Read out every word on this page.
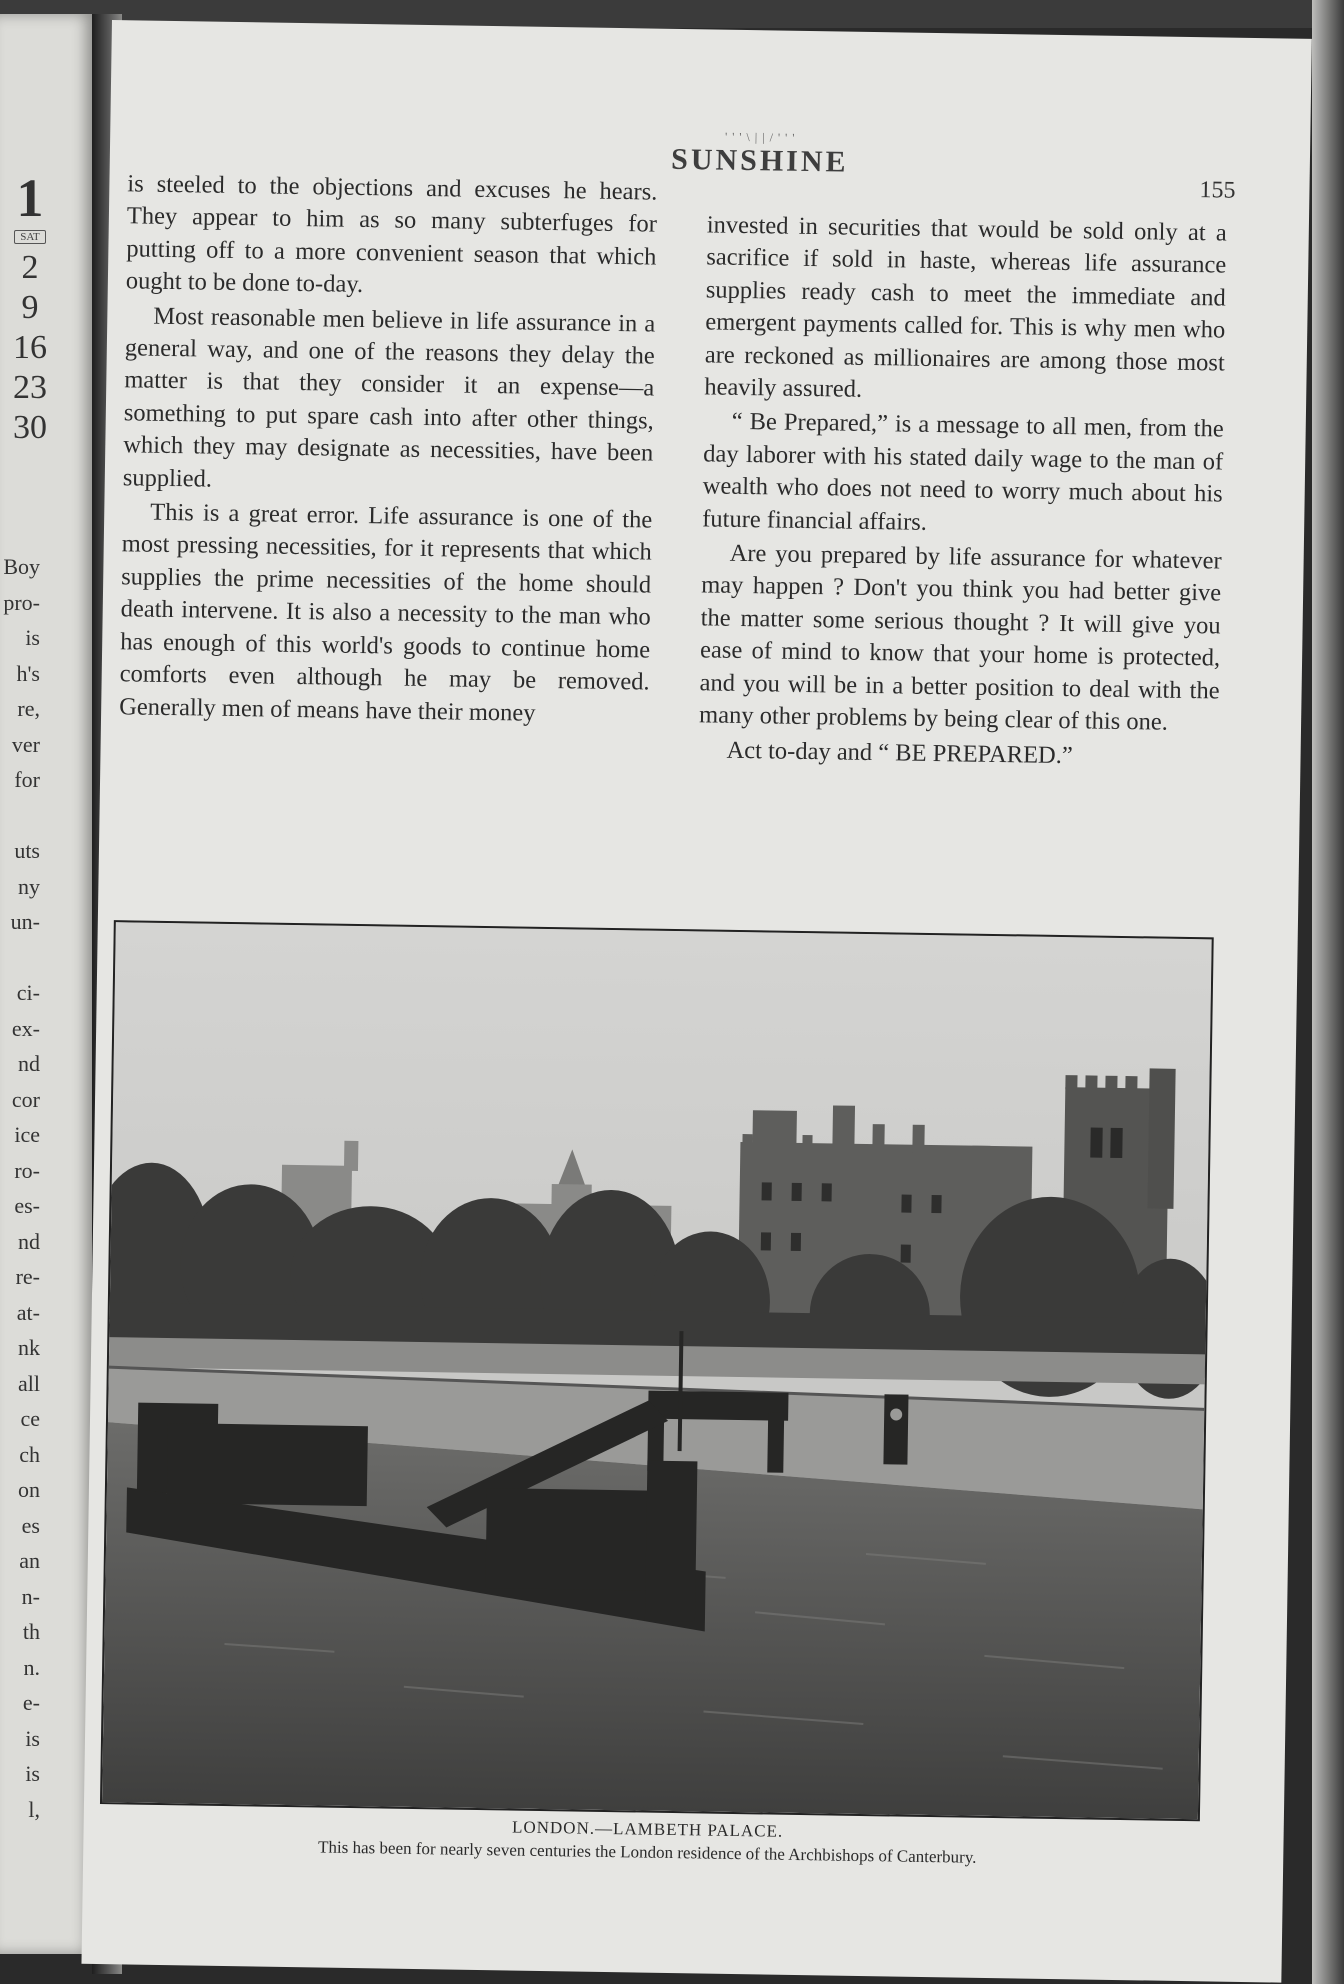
1
SAT
2
9
16
23
30
Boy
pro-
is
h's
re,
ver
for
uts
ny
un-
ci-
ex-
nd
cor
ice
ro-
es-
nd
re-
at-
nk
all
ce
ch
on
es
an
n-
th
n.
e-
is
is
l,
' ' ' \ | | / ' ' '
SUNSHINE
155

is steeled to the objections and excuses he hears. They appear to him as so many subterfuges for putting off to a more convenient season that which ought to be done to-day.

Most reasonable men believe in life assurance in a general way, and one of the reasons they delay the matter is that they consider it an expense—a something to put spare cash into after other things, which they may designate as necessities, have been supplied.

This is a great error. Life assurance is one of the most pressing necessities, for it represents that which supplies the prime necessities of the home should death intervene. It is also a necessity to the man who has enough of this world's goods to continue home comforts even although he may be removed. Generally men of means have their money

invested in securities that would be sold only at a sacrifice if sold in haste, whereas life assurance supplies ready cash to meet the immediate and emergent payments called for. This is why men who are reckoned as millionaires are among those most heavily assured.

“ Be Prepared,” is a message to all men, from the day laborer with his stated daily wage to the man of wealth who does not need to worry much about his future financial affairs.

Are you prepared by life assurance for whatever may happen ? Don't you think you had better give the matter some serious thought ? It will give you ease of mind to know that your home is protected, and you will be in a better position to deal with the many other problems by being clear of this one.

Act to-day and “ BE PREPARED.”

LONDON.—LAMBETH PALACE.
This has been for nearly seven centuries the London residence of the Archbishops of Canterbury.
